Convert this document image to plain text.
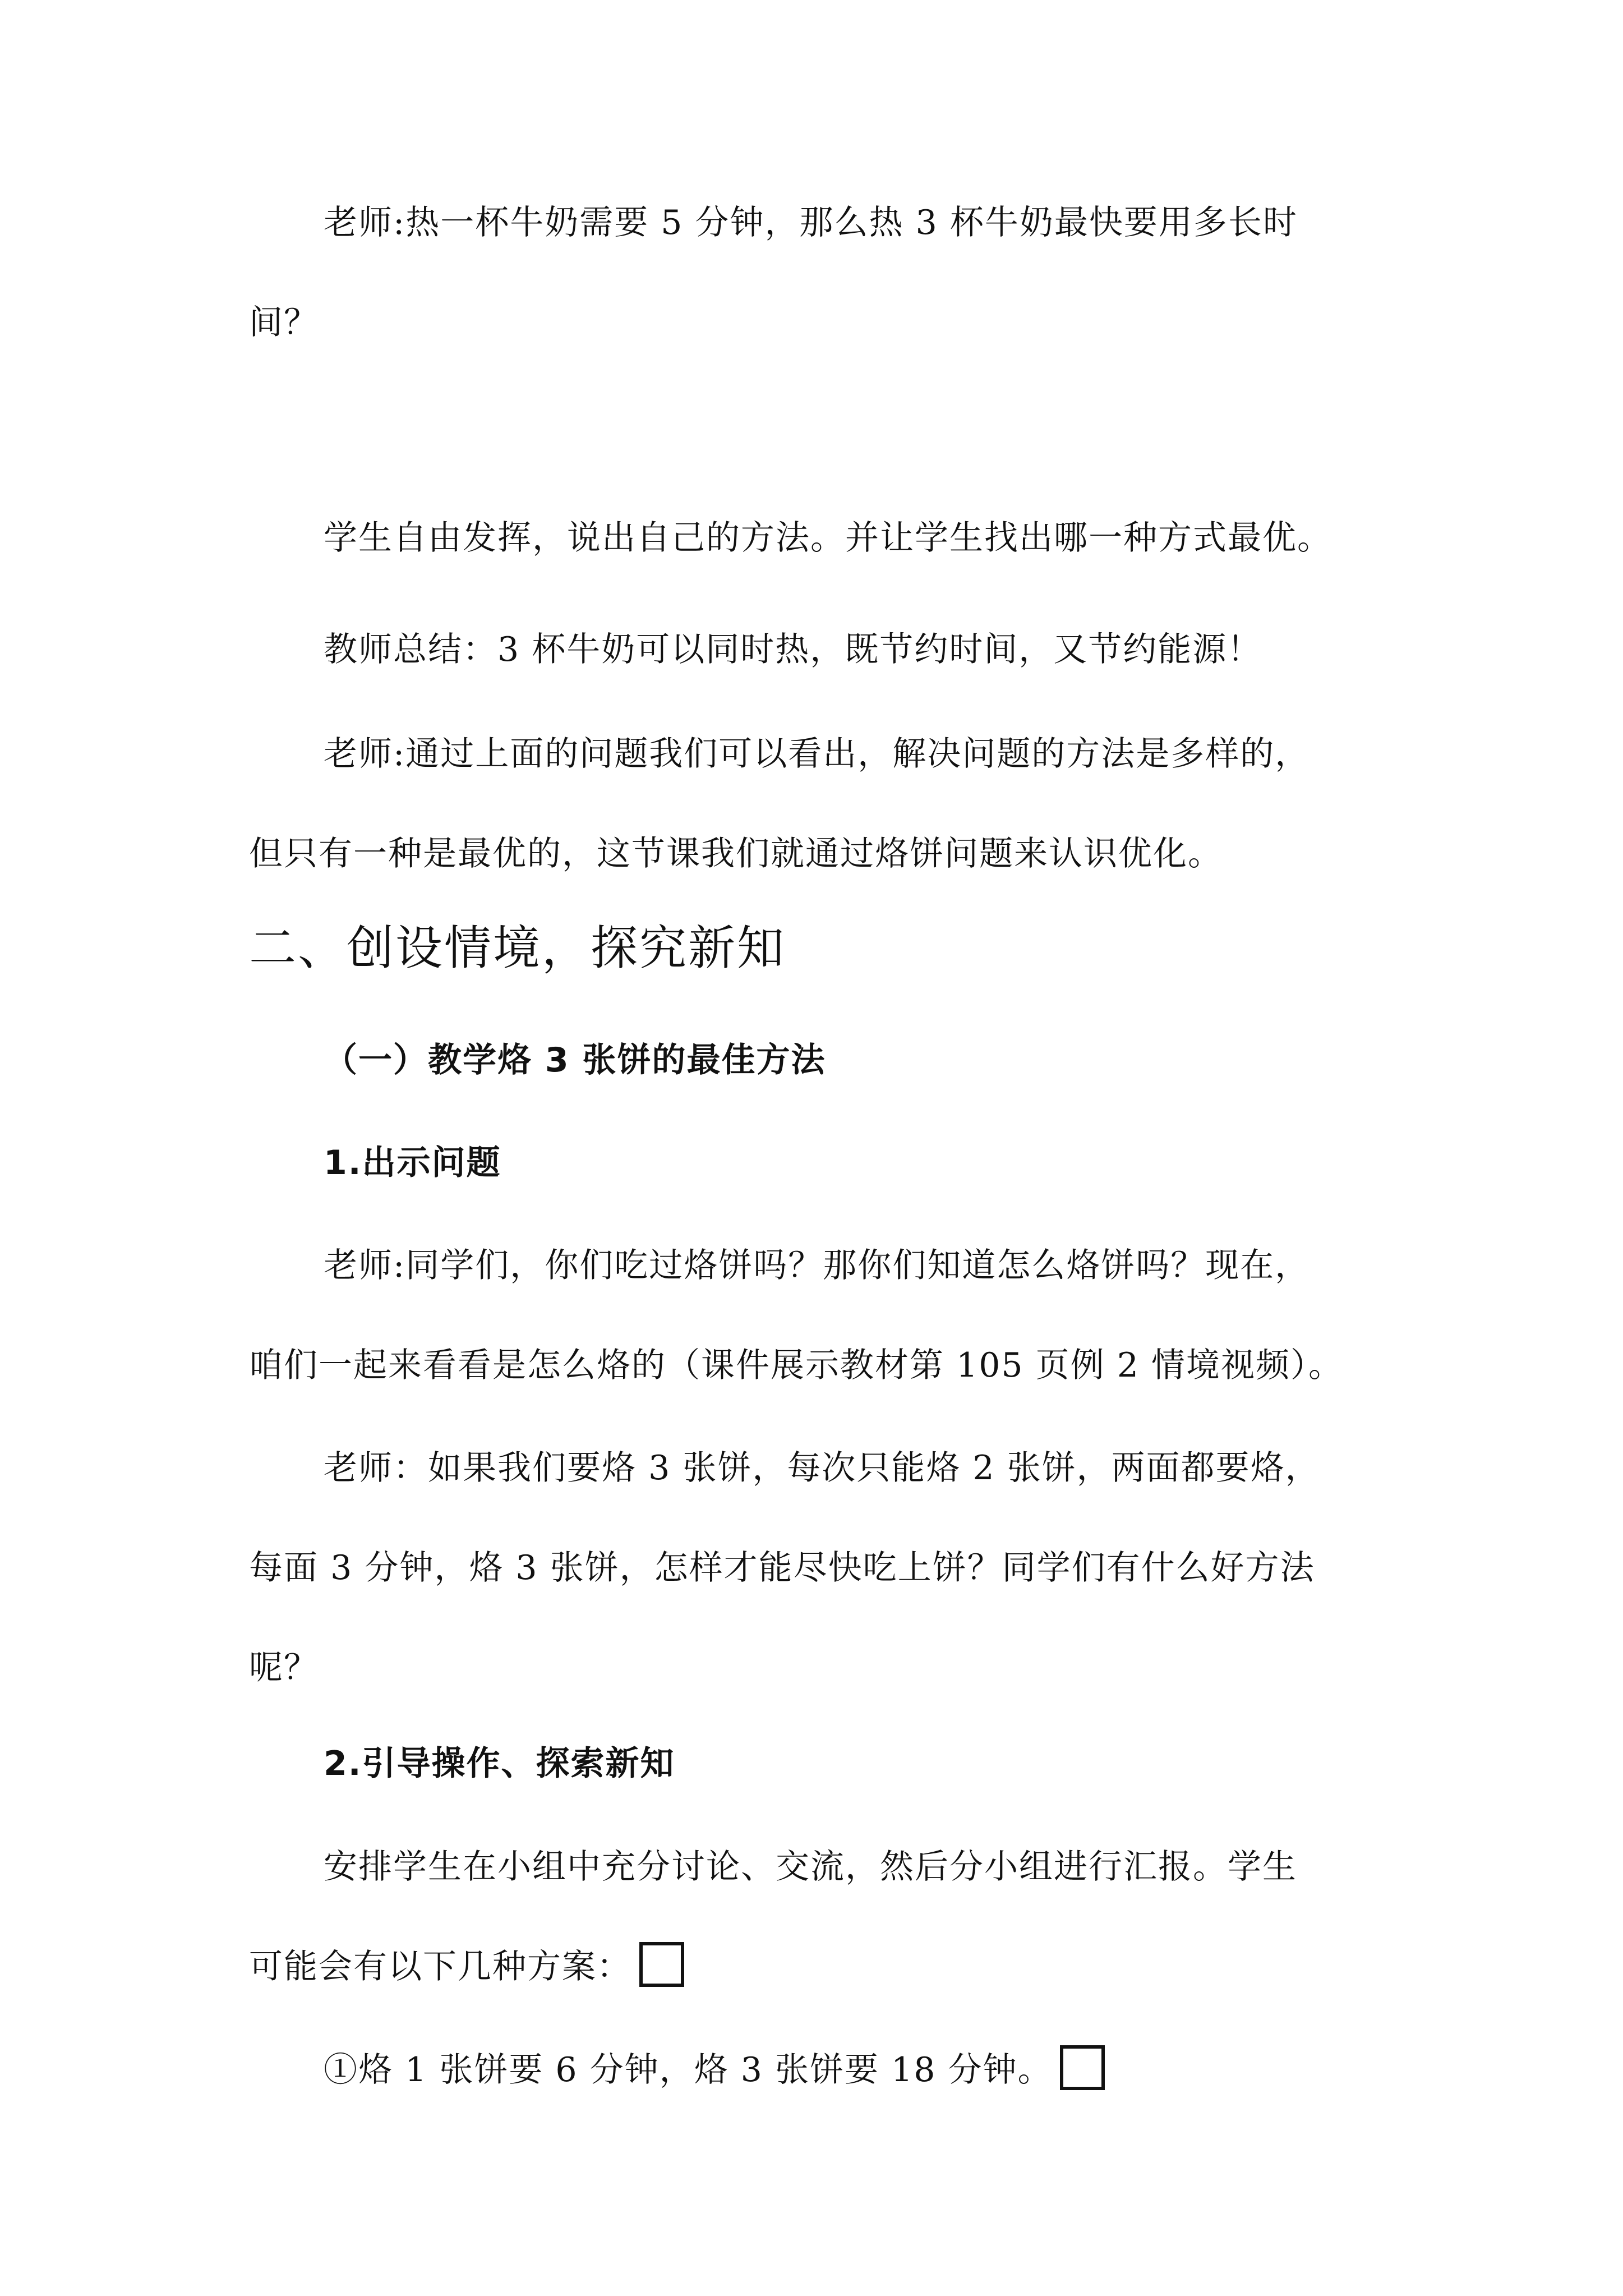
老师:热一杯牛奶需要 5 分钟，那么热 3 杯牛奶最快要用多长时
间？
学生自由发挥，说出自己的方法。并让学生找出哪一种方式最优。
教师总结：3 杯牛奶可以同时热，既节约时间，又节约能源！
老师:通过上面的问题我们可以看出，解决问题的方法是多样的，
但只有一种是最优的，这节课我们就通过烙饼问题来认识优化。
二、创设情境，探究新知
（一）教学烙 3 张饼的最佳方法
1.出示问题
老师:同学们，你们吃过烙饼吗？那你们知道怎么烙饼吗？现在，
咱们一起来看看是怎么烙的（课件展示教材第 105 页例 2 情境视频）。
老师：如果我们要烙 3 张饼，每次只能烙 2 张饼，两面都要烙，
每面 3 分钟，烙 3 张饼，怎样才能尽快吃上饼？同学们有什么好方法
呢？
2.引导操作、探索新知
安排学生在小组中充分讨论、交流，然后分小组进行汇报。学生
可能会有以下几种方案：
①烙 1 张饼要 6 分钟，烙 3 张饼要 18 分钟。
